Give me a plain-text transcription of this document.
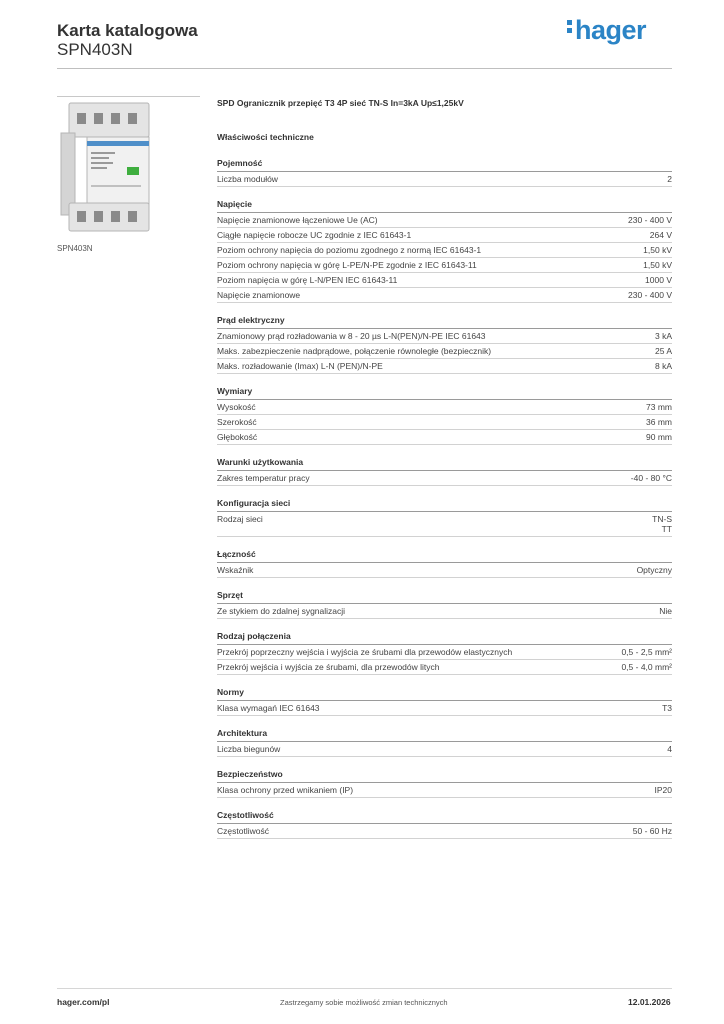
Karta katalogowa
SPN403N
hager
SPN403N
SPD Ogranicznik przepięć T3 4P sieć TN-S In=3kA Up≤1,25kV
Właściwości techniczne
Pojemność
Liczba modułów	2
Napięcie
Napięcie znamionowe łączeniowe Ue (AC)	230 - 400 V
Ciągłe napięcie robocze UC zgodnie z IEC 61643-1	264 V
Poziom ochrony napięcia do poziomu zgodnego z normą IEC 61643-1	1,50 kV
Poziom ochrony napięcia w górę L-PE/N-PE zgodnie z IEC 61643-11	1,50 kV
Poziom napięcia w górę L-N/PEN IEC 61643-11	1000 V
Napięcie znamionowe	230 - 400 V
Prąd elektryczny
Znamionowy prąd rozładowania w 8 - 20 µs L-N(PEN)/N-PE IEC 61643	3 kA
Maks. zabezpieczenie nadprądowe, połączenie równoległe (bezpiecznik)	25 A
Maks. rozładowanie (Imax) L-N (PEN)/N-PE	8 kA
Wymiary
Wysokość	73 mm
Szerokość	36 mm
Głębokość	90 mm
Warunki użytkowania
Zakres temperatur pracy	-40 - 80 °C
Konfiguracja sieci
Rodzaj sieci	TN-S
TT
Łączność
Wskaźnik	Optyczny
Sprzęt
Ze stykiem do zdalnej sygnalizacji	Nie
Rodzaj połączenia
Przekrój poprzeczny wejścia i wyjścia ze śrubami dla przewodów elastycznych	0,5 - 2,5 mm²
Przekrój wejścia i wyjścia ze śrubami, dla przewodów litych	0,5 - 4,0 mm²
Normy
Klasa wymagań IEC 61643	T3
Architektura
Liczba biegunów	4
Bezpieczeństwo
Klasa ochrony przed wnikaniem (IP)	IP20
Częstotliwość
Częstotliwość	50 - 60 Hz
hager.com/pl	Zastrzegamy sobie możliwość zmian technicznych	12.01.2026
